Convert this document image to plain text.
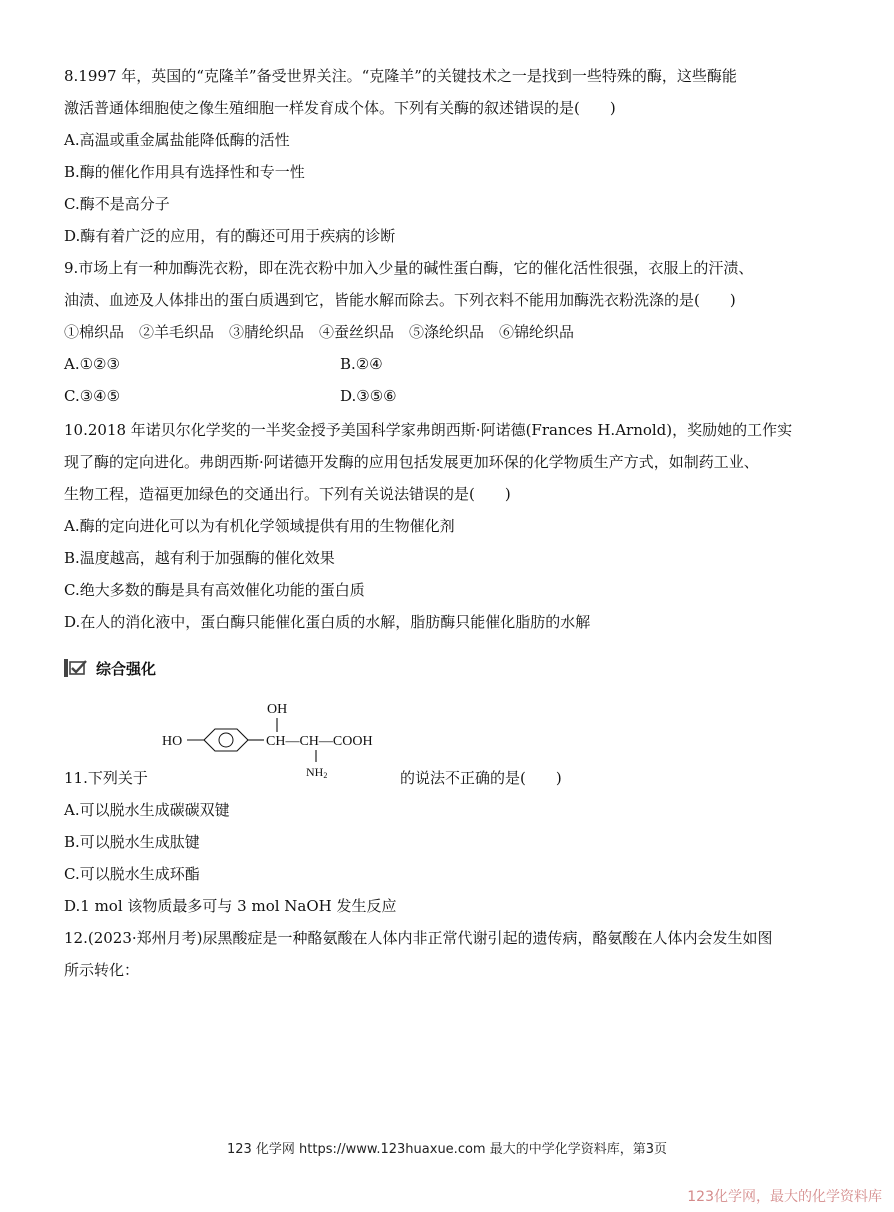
8.1997 年，英国的“克隆羊”备受世界关注。“克隆羊”的关键技术之一是找到一些特殊的酶，这些酶能
激活普通体细胞使之像生殖细胞一样发育成个体。下列有关酶的叙述错误的是(　　)
A.高温或重金属盐能降低酶的活性
B.酶的催化作用具有选择性和专一性
C.酶不是高分子
D.酶有着广泛的应用，有的酶还可用于疾病的诊断
9.市场上有一种加酶洗衣粉，即在洗衣粉中加入少量的碱性蛋白酶，它的催化活性很强，衣服上的汗渍、
油渍、血迹及人体排出的蛋白质遇到它，皆能水解而除去。下列衣料不能用加酶洗衣粉洗涤的是(　　)
①棉织品　②羊毛织品　③腈纶织品　④蚕丝织品　⑤涤纶织品　⑥锦纶织品
A.①②③	B.②④
C.③④⑤	D.③⑤⑥
10.2018 年诺贝尔化学奖的一半奖金授予美国科学家弗朗西斯·阿诺德(Frances H.Arnold)，奖励她的工作实
现了酶的定向进化。弗朗西斯·阿诺德开发酶的应用包括发展更加环保的化学物质生产方式，如制药工业、
生物工程，造福更加绿色的交通出行。下列有关说法错误的是(　　)
A.酶的定向进化可以为有机化学领域提供有用的生物催化剂
B.温度越高，越有利于加强酶的催化效果
C.绝大多数的酶是具有高效催化功能的蛋白质
D.在人的消化液中，蛋白酶只能催化蛋白质的水解，脂肪酶只能催化脂肪的水解
综合强化
OH
HO	CH—CH—COOH
NH2
11.下列关于	的说法不正确的是(　　)
A.可以脱水生成碳碳双键
B.可以脱水生成肽键
C.可以脱水生成环酯
D.1 mol 该物质最多可与 3 mol NaOH 发生反应
12.(2023·郑州月考)尿黑酸症是一种酪氨酸在人体内非正常代谢引起的遗传病，酪氨酸在人体内会发生如图
所示转化：
123 化学网 https://www.123huaxue.com 最大的中学化学资料库，第3页
123化学网，最大的化学资料库
